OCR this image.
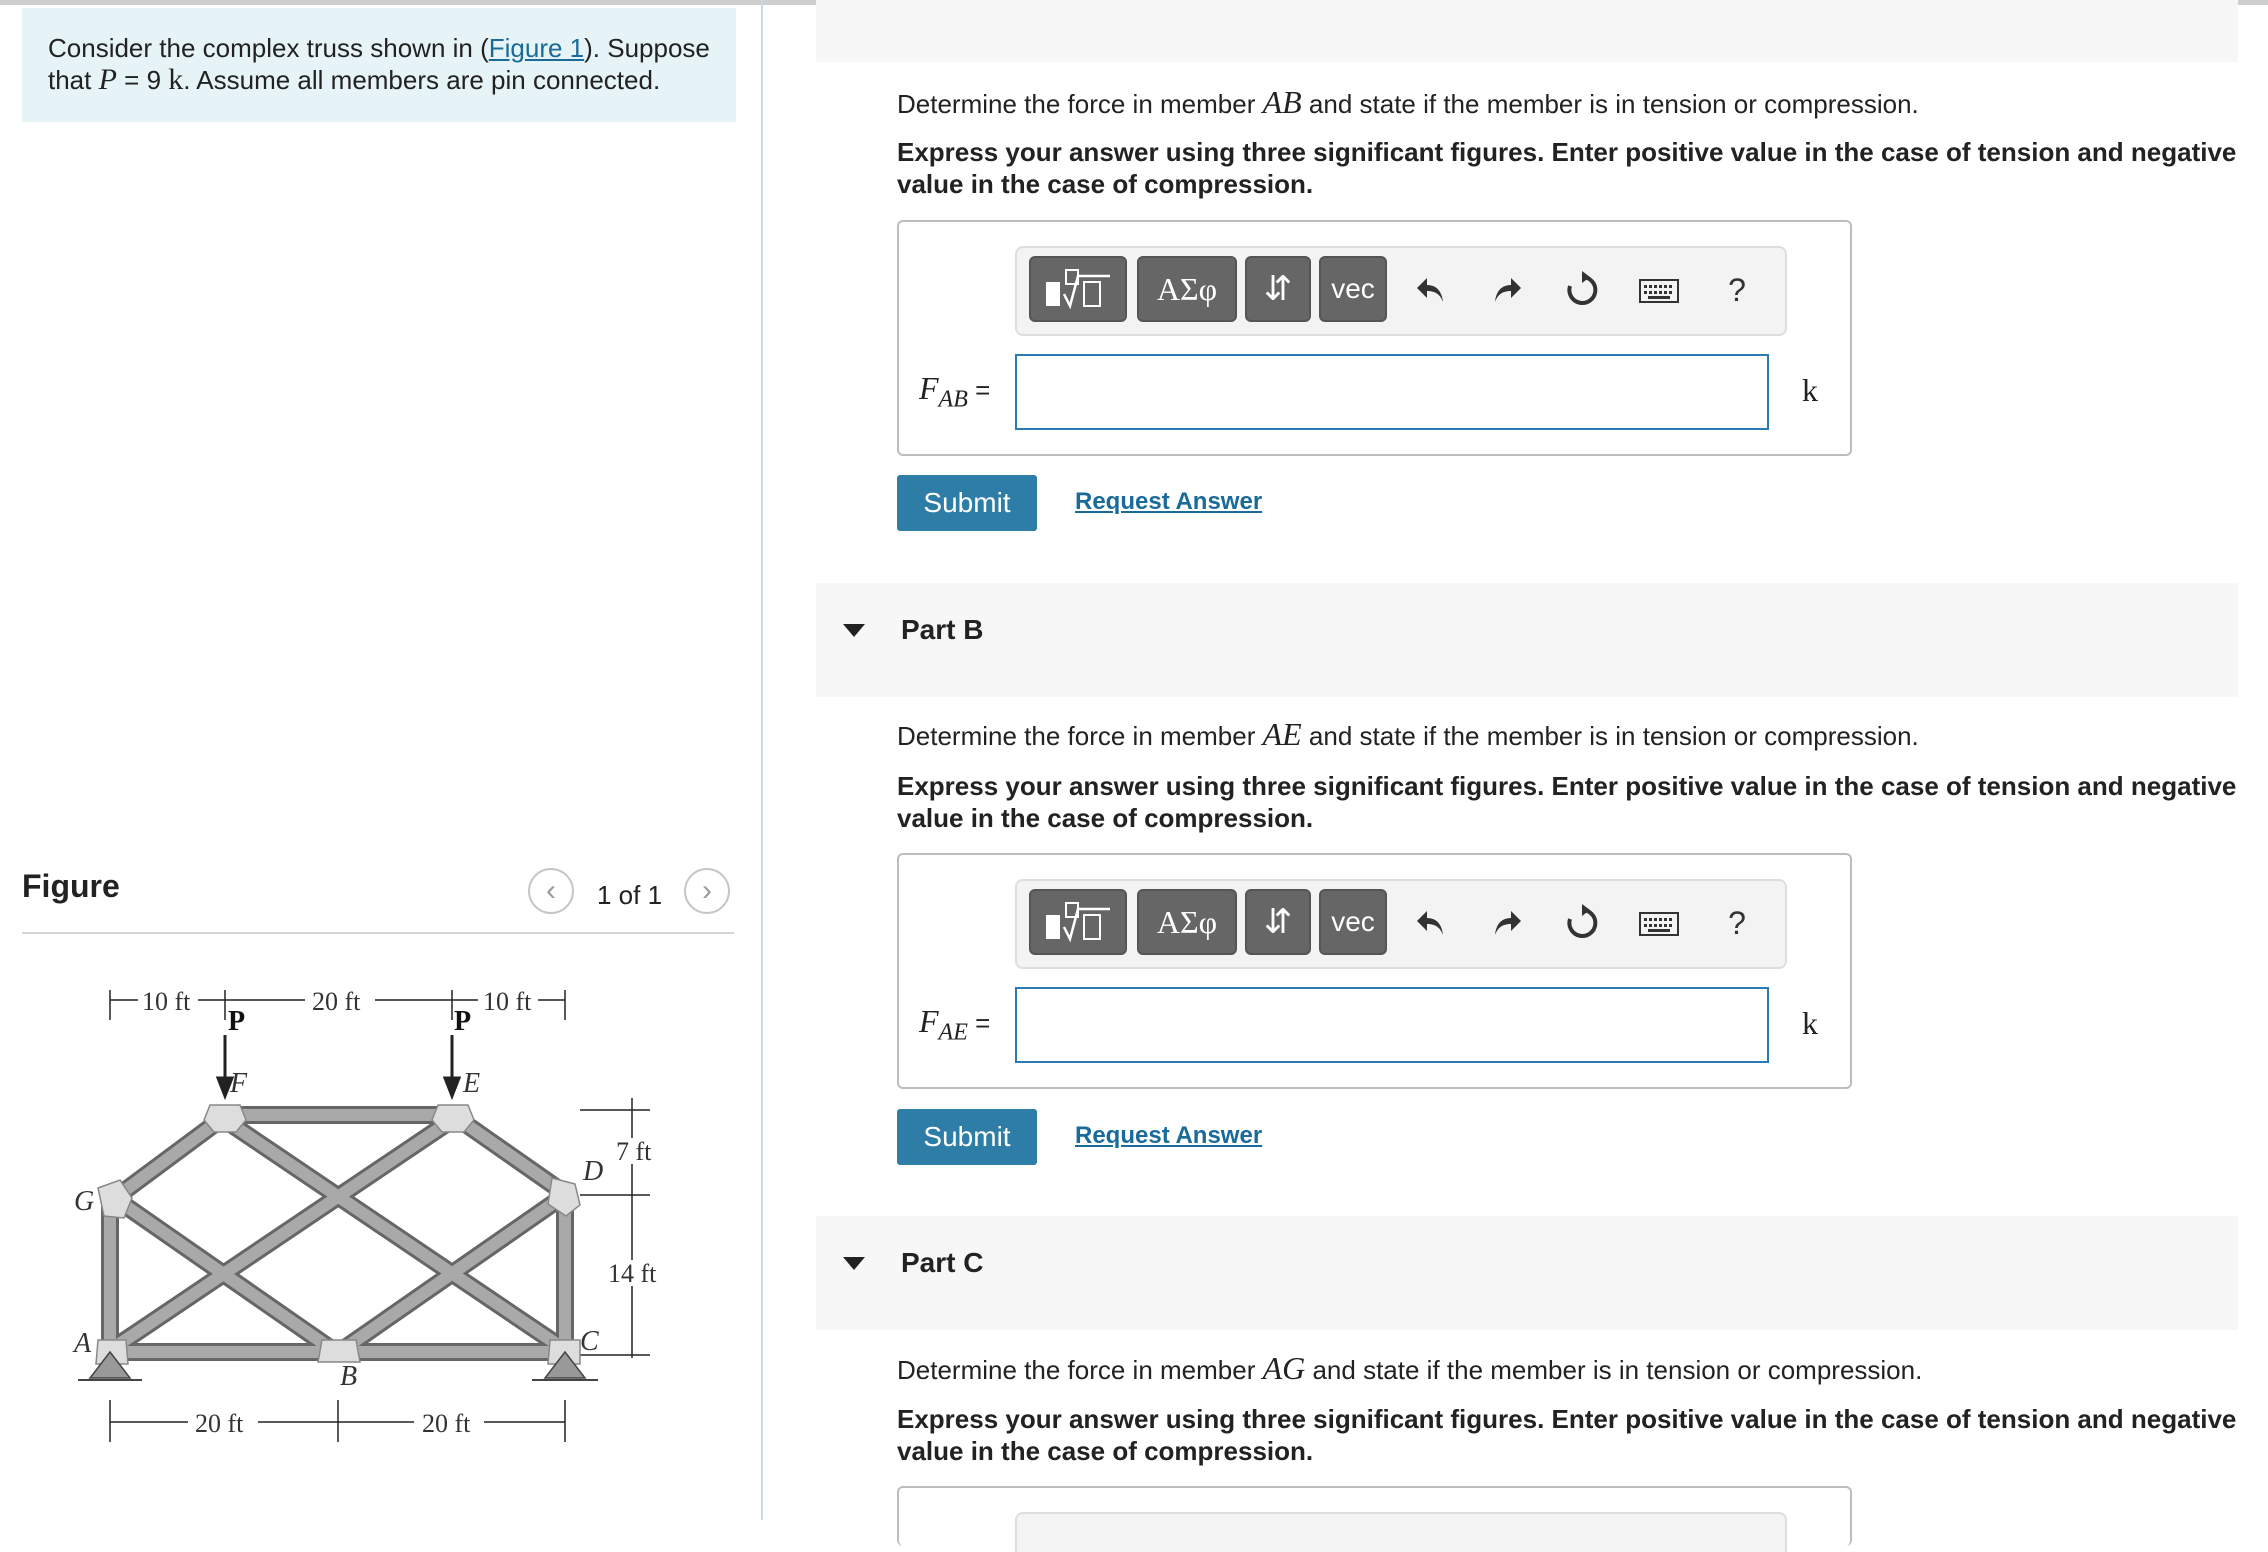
Consider the complex truss shown in (Figure 1). Suppose
that P = 9 k. Assume all members are pin connected.
Figure	‹ 1 of 1 ›
10 ft	20 ft	10 ft
20 ft	20 ft
7 ft
14 ft
P	P
F	E
D
G
A
B
C
Determine the force in member AB and state if the member is in tension or compression.
Express your answer using three significant figures. Enter positive value in the case of tension and negative value in the case of compression.
ΑΣφ	⇵	vec	?
$F_{AB}$ =	k
Submit	Request Answer
Part B
Determine the force in member AE and state if the member is in tension or compression.
Express your answer using three significant figures. Enter positive value in the case of tension and negative value in the case of compression.
ΑΣφ	⇵	vec	?
$F_{AE}$ =	k
Submit	Request Answer
Part C
Determine the force in member AG and state if the member is in tension or compression.
Express your answer using three significant figures. Enter positive value in the case of tension and negative value in the case of compression.
